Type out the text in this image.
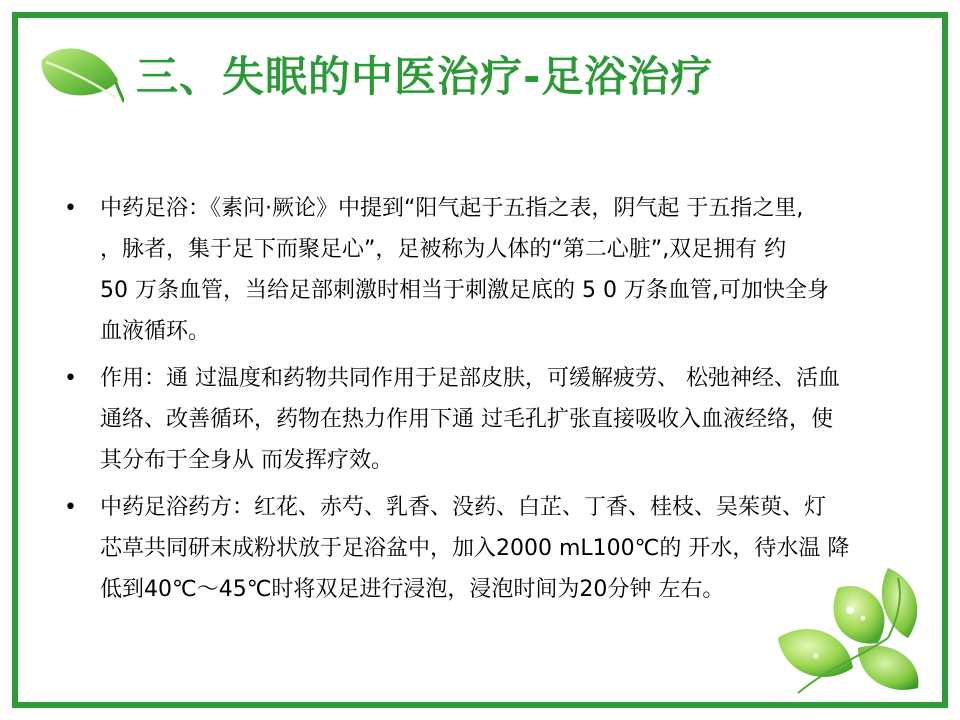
三、失眠的中医治疗-足浴治疗
• 中药足浴：《素问·厥论》中提到“阳气起于五指之表，阴气起 于五指之里,
，脉者，集于足下而聚足心”，足被称为人体的“第二心脏”,双足拥有 约
50 万条血管，当给足部刺激时相当于刺激足底的 5 0 万条血管,可加快全身
血液循环。
• 作用：通 过温度和药物共同作用于足部皮肤，可缓解疲劳、 松弛神经、活血
通络、改善循环，药物在热力作用下通 过毛孔扩张直接吸收入血液经络，使
其分布于全身从 而发挥疗效。
• 中药足浴药方：红花、赤芍、乳香、没药、白芷、丁香、桂枝、吴茱萸、灯
芯草共同研末成粉状放于足浴盆中，加入2000 mL100℃的 开水，待水温 降
低到40℃～45℃时将双足进行浸泡，浸泡时间为20分钟 左右。
